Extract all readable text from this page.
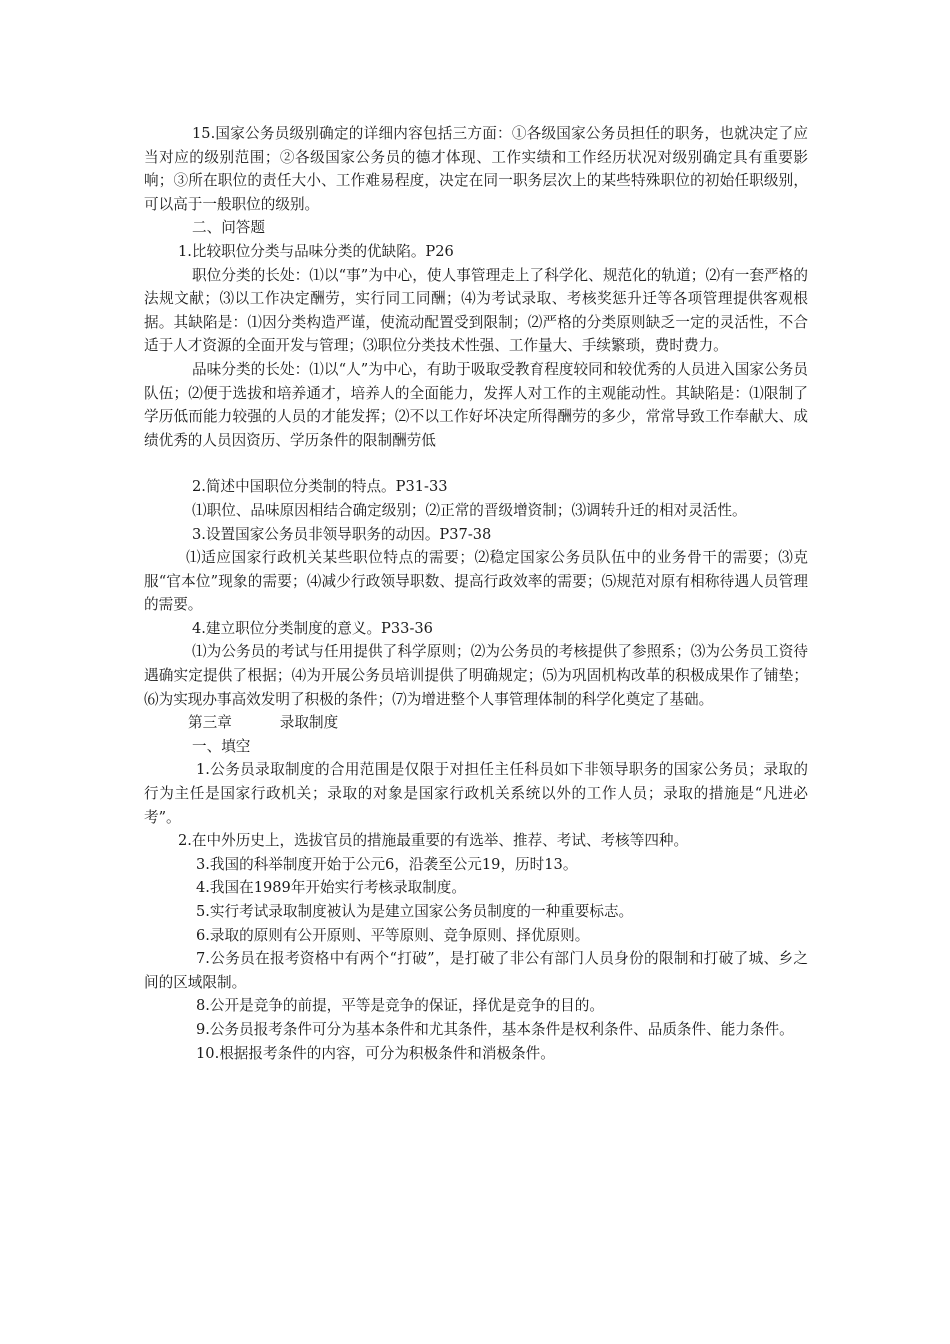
15.国家公务员级别确定的详细内容包括三方面：①各级国家公务员担任的职务，也就决定了应当对应的级别范围；②各级国家公务员的德才体现、工作实绩和工作经历状况对级别确定具有重要影响；③所在职位的责任大小、工作难易程度，决定在同一职务层次上的某些特殊职位的初始任职级别，可以高于一般职位的级别。

二、问答题

1.比较职位分类与品味分类的优缺陷。P26

职位分类的长处：⑴以“事”为中心，使人事管理走上了科学化、规范化的轨道；⑵有一套严格的法规文献；⑶以工作决定酬劳，实行同工同酬；⑷为考试录取、考核奖惩升迁等各项管理提供客观根据。其缺陷是：⑴因分类构造严谨，使流动配置受到限制；⑵严格的分类原则缺乏一定的灵活性，不合适于人才资源的全面开发与管理；⑶职位分类技术性强、工作量大、手续繁琐，费时费力。

品味分类的长处：⑴以“人”为中心，有助于吸取受教育程度较同和较优秀的人员进入国家公务员队伍；⑵便于选拔和培养通才，培养人的全面能力，发挥人对工作的主观能动性。其缺陷是：⑴限制了学历低而能力较强的人员的才能发挥；⑵不以工作好坏决定所得酬劳的多少，常常导致工作奉献大、成绩优秀的人员因资历、学历条件的限制酬劳低

2.简述中国职位分类制的特点。P31-33

⑴职位、品味原因相结合确定级别；⑵正常的晋级增资制；⑶调转升迁的相对灵活性。

3.设置国家公务员非领导职务的动因。P37-38

⑴适应国家行政机关某些职位特点的需要；⑵稳定国家公务员队伍中的业务骨干的需要；⑶克服“官本位”现象的需要；⑷减少行政领导职数、提高行政效率的需要；⑸规范对原有相称待遇人员管理的需要。

4.建立职位分类制度的意义。P33-36

⑴为公务员的考试与任用提供了科学原则；⑵为公务员的考核提供了参照系；⑶为公务员工资待遇确实定提供了根据；⑷为开展公务员培训提供了明确规定；⑸为巩固机构改革的积极成果作了铺垫；⑹为实现办事高效发明了积极的条件；⑺为增进整个人事管理体制的科学化奠定了基础。

第三章	录取制度

一、填空

1.公务员录取制度的合用范围是仅限于对担任主任科员如下非领导职务的国家公务员；录取的行为主任是国家行政机关；录取的对象是国家行政机关系统以外的工作人员；录取的措施是“凡进必考”。

2.在中外历史上，选拔官员的措施最重要的有选举、推荐、考试、考核等四种。

3.我国的科举制度开始于公元6，沿袭至公元19，历时13。

4.我国在1989年开始实行考核录取制度。

5.实行考试录取制度被认为是建立国家公务员制度的一种重要标志。

6.录取的原则有公开原则、平等原则、竞争原则、择优原则。

7.公务员在报考资格中有两个“打破”，是打破了非公有部门人员身份的限制和打破了城、乡之间的区域限制。

8.公开是竞争的前提，平等是竞争的保证，择优是竞争的目的。

9.公务员报考条件可分为基本条件和尤其条件，基本条件是权利条件、品质条件、能力条件。

10.根据报考条件的内容，可分为积极条件和消极条件。
